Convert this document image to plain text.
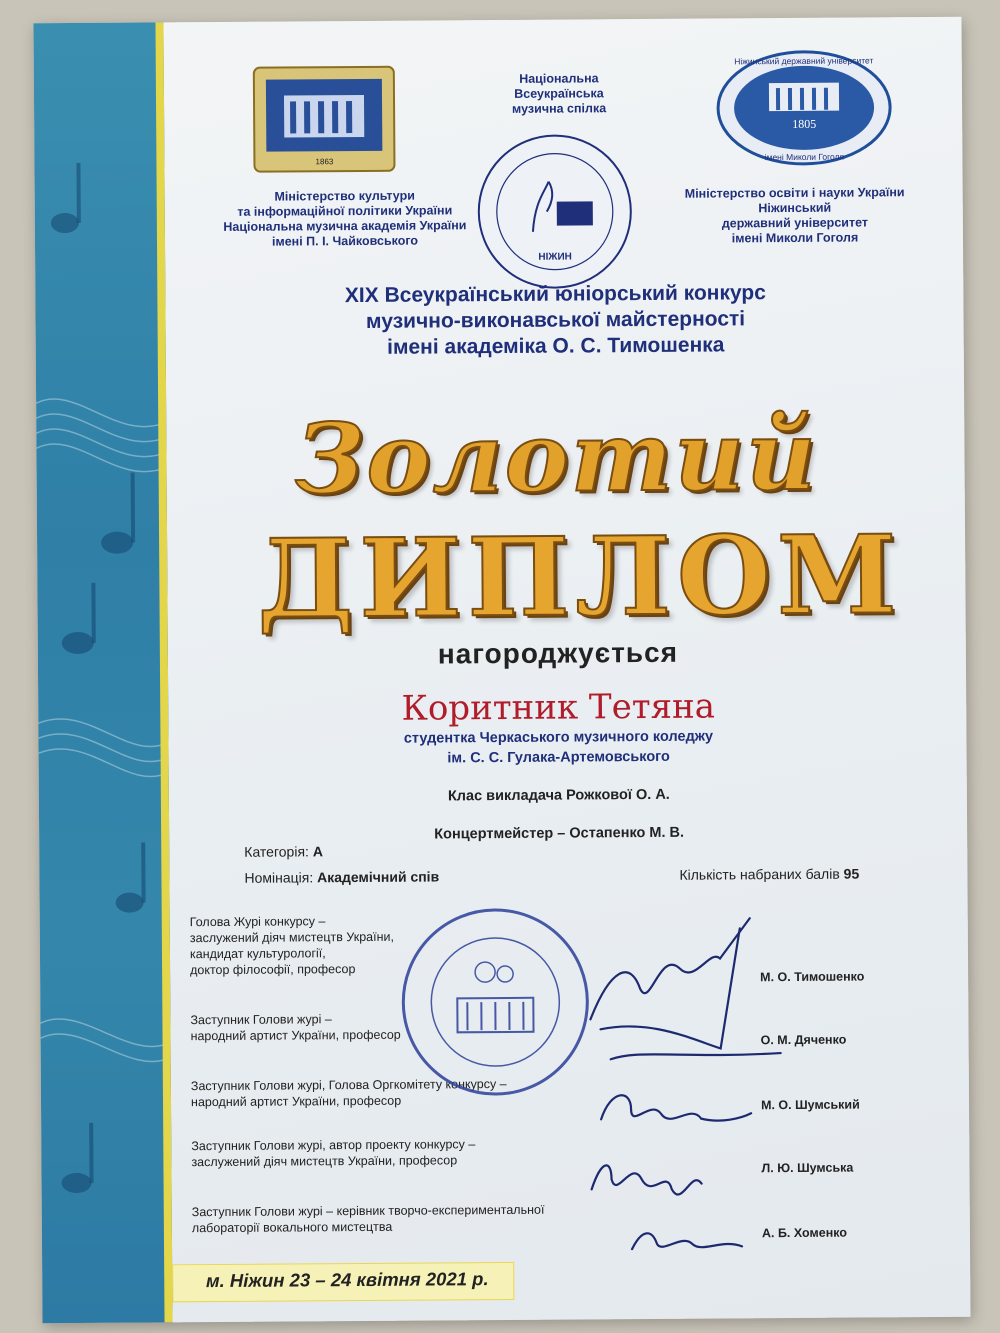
1863
НІЖИН
Ніжинський державний університет
1805
імені Миколи Гоголя
Міністерство культури
та інформаційної політики України
Національна музична академія України
імені П. І. Чайковського
Національна
Всеукраїнська
музична спілка
Міністерство освіти і науки України
Ніжинський
державний університет
імені Миколи Гоголя
XIX Всеукраїнський юніорський конкурс
музично-виконавської майстерності
імені академіка О. С. Тимошенка
Золотий
ДИПЛОМ
нагороджується
Коритник Тетяна
студентка Черкаського музичного коледжу
ім. С. С. Гулака-Артемовського
Клас викладача Рожкової О. А.
Концертмейстер – Остапенко М. В.
Категорія: А
Номінація: Академічний спів	Кількість набраних балів 95
Голова Журі конкурсу –
заслужений діяч мистецтв України,
кандидат культурології,
доктор філософії, професор	М. О. Тимошенко
Заступник Голови журі –
народний артист України, професор	О. М. Дяченко
Заступник Голови журі, Голова Оргкомітету конкурсу –
народний артист України, професор	М. О. Шумський
Заступник Голови журі, автор проекту конкурсу –
заслужений діяч мистецтв України, професор	Л. Ю. Шумська
Заступник Голови журі – керівник творчо-експериментальної
лабораторії вокального мистецтва	А. Б. Хоменко
м. Ніжин 23 – 24 квітня 2021 р.
